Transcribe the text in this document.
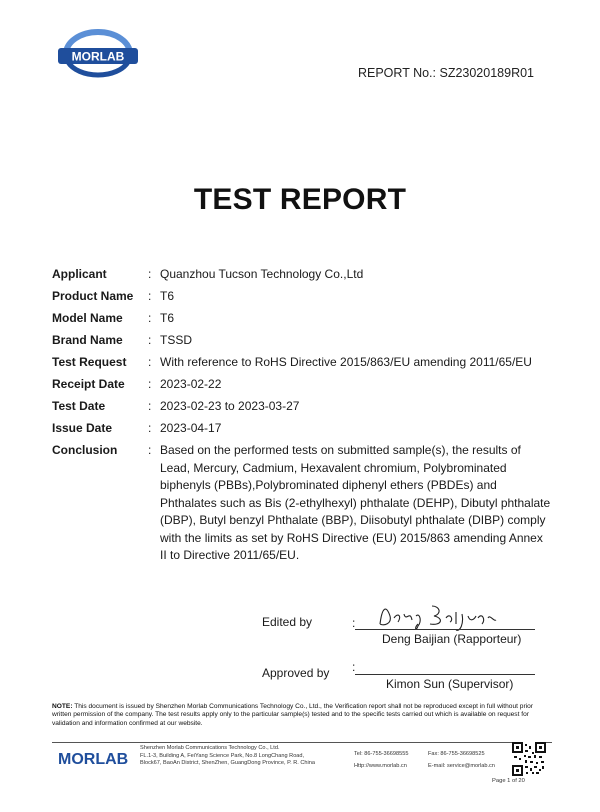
MORLAB
REPORT No.: SZ23020189R01
TEST REPORT
Applicant	: Quanzhou Tucson Technology Co.,Ltd
Product Name	: T6
Model Name	: T6
Brand Name	: TSSD
Test Request	: With reference to RoHS Directive 2015/863/EU amending 2011/65/EU
Receipt Date	: 2023-02-22
Test Date	: 2023-02-23 to 2023-03-27
Issue Date	: 2023-04-17
Conclusion	: Based on the performed tests on submitted sample(s), the results of Lead, Mercury, Cadmium, Hexavalent chromium, Polybrominated biphenyls (PBBs),Polybrominated diphenyl ethers (PBDEs) and Phthalates such as Bis (2-ethylhexyl) phthalate (DEHP), Dibutyl phthalate (DBP), Butyl benzyl Phthalate (BBP), Diisobutyl phthalate (DIBP) comply with the limits as set by RoHS Directive (EU) 2015/863 amending Annex II to Directive 2011/65/EU.
Edited by	:
Deng Baijian (Rapporteur)
Approved by :
Kimon Sun (Supervisor)
NOTE: This document is issued by Shenzhen Morlab Communications Technology Co., Ltd., the Verification report shall not be reproduced except in full without prior written permission of the company. The test results apply only to the particular sample(s) tested and to the specific tests carried out which is available on request for validation and information confirmed at our website.
MORLAB
Shenzhen Morlab Communications Technology Co., Ltd.
FL.1-3, Building A, FeiYang Science Park, No.8 LongChang Road,
Block67, BaoAn District, ShenZhen, GuangDong Province, P. R. China
Tel: 86-755-36698555
Http://www.morlab.cn
Fax: 86-755-36698525
E-mail: service@morlab.cn
Page 1 of 20
